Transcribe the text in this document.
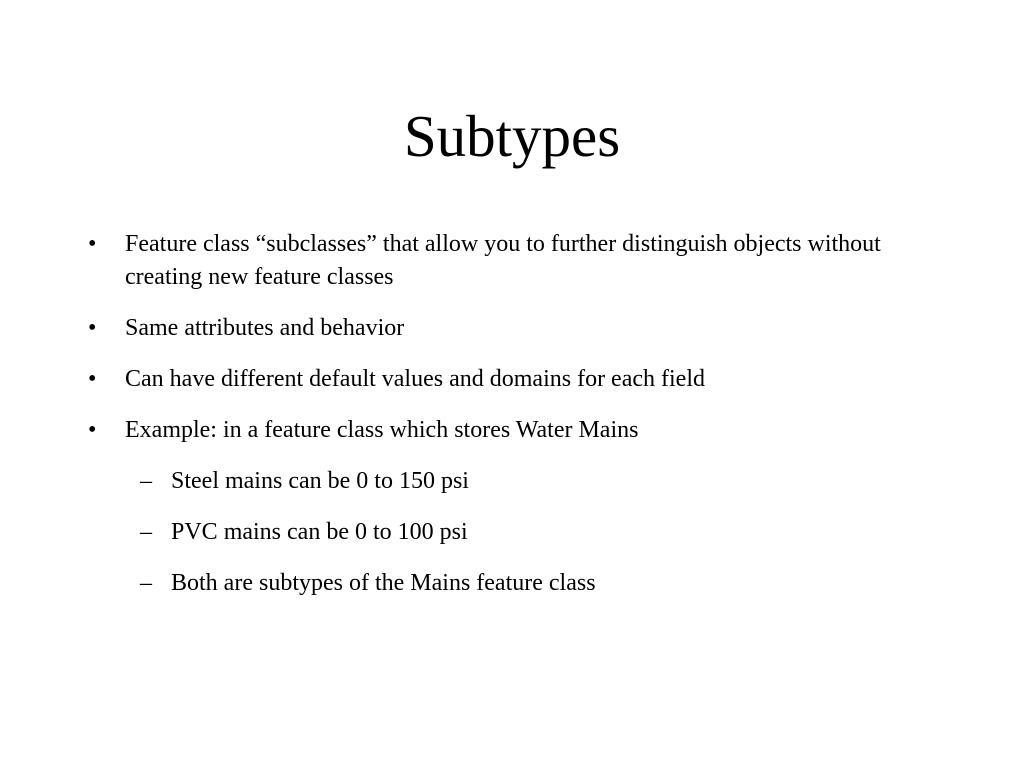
Subtypes
• Feature class “subclasses” that allow you to further distinguish objects without creating new feature classes
• Same attributes and behavior
• Can have different default values and domains for each field
• Example: in a feature class which stores Water Mains
– Steel mains can be 0 to 150 psi
– PVC mains can be 0 to 100 psi
– Both are subtypes of the Mains feature class
